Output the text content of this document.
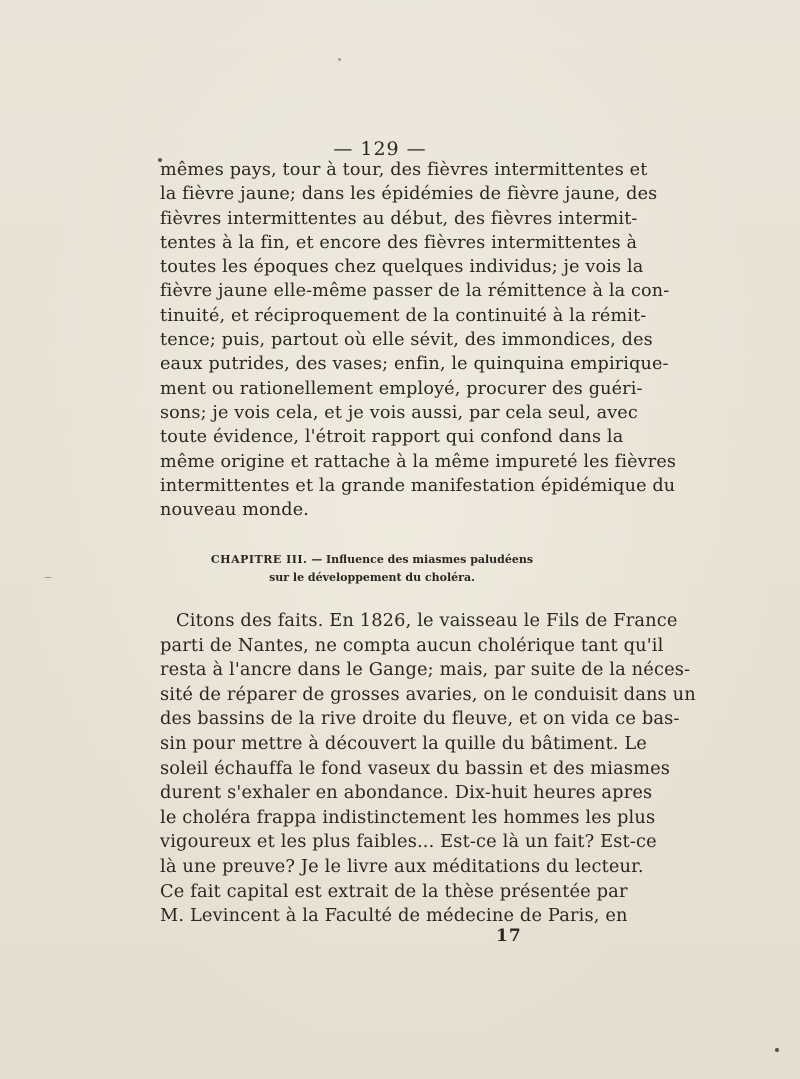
— 129 —
mêmes pays, tour à tour, des fièvres intermittentes et
la fièvre jaune; dans les épidémies de fièvre jaune, des
fièvres intermittentes au début, des fièvres intermit-
tentes à la fin, et encore des fièvres intermittentes à
toutes les époques chez quelques individus; je vois la
fièvre jaune elle-même passer de la rémittence à la con-
tinuité, et réciproquement de la continuité à la rémit-
tence; puis, partout où elle sévit, des immondices, des
eaux putrides, des vases; enfin, le quinquina empirique-
ment ou rationellement employé, procurer des guéri-
sons; je vois cela, et je vois aussi, par cela seul, avec
toute évidence, l'étroit rapport qui confond dans la
même origine et rattache à la même impureté les fièvres
intermittentes et la grande manifestation épidémique du
nouveau monde.
CHAPITRE III. — Influence des miasmes paludéens
sur le développement du choléra.
Citons des faits. En 1826, le vaisseau le Fils de France
parti de Nantes, ne compta aucun cholérique tant qu'il
resta à l'ancre dans le Gange; mais, par suite de la néces-
sité de réparer de grosses avaries, on le conduisit dans un
des bassins de la rive droite du fleuve, et on vida ce bas-
sin pour mettre à découvert la quille du bâtiment. Le
soleil échauffa le fond vaseux du bassin et des miasmes
durent s'exhaler en abondance. Dix-huit heures apres
le choléra frappa indistinctement les hommes les plus
vigoureux et les plus faibles... Est-ce là un fait? Est-ce
là une preuve? Je le livre aux méditations du lecteur.
Ce fait capital est extrait de la thèse présentée par
M. Levincent à la Faculté de médecine de Paris, en
17
